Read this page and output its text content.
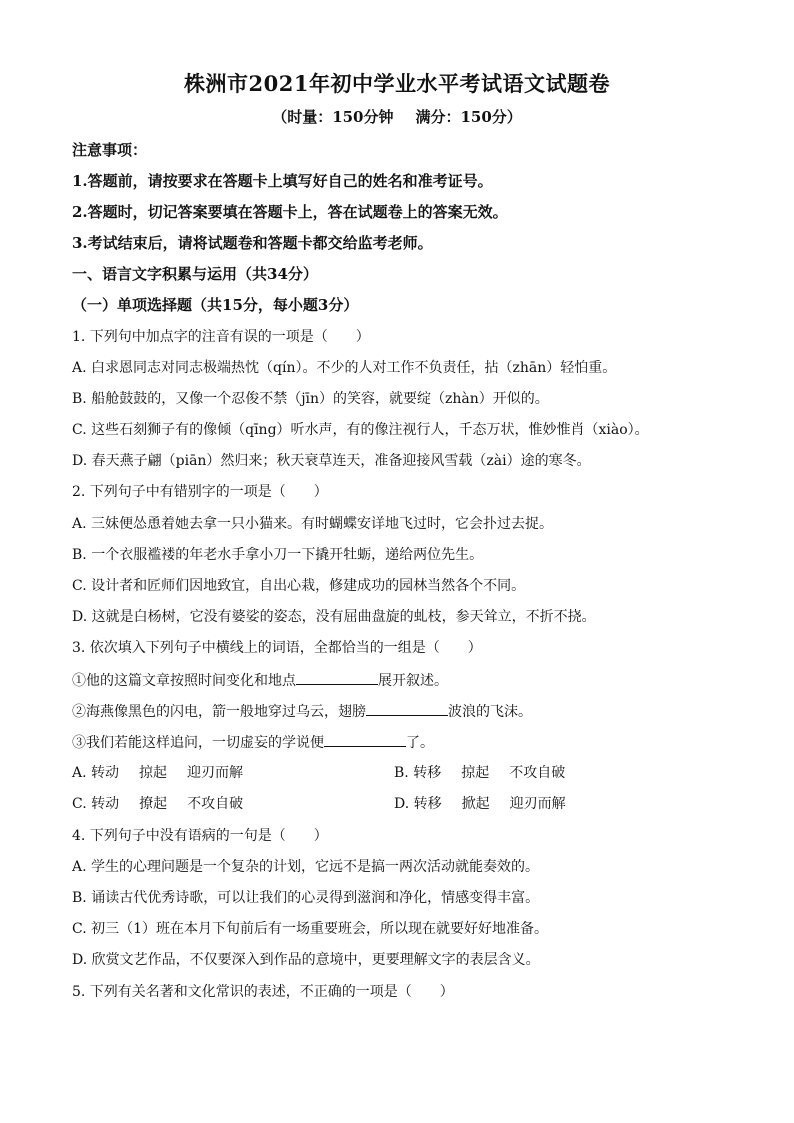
株洲市2021年初中学业水平考试语文试题卷
（时量：150分钟 满分：150分）
注意事项：
1.答题前，请按要求在答题卡上填写好自己的姓名和准考证号。
2.答题时，切记答案要填在答题卡上，答在试题卷上的答案无效。
3.考试结束后，请将试题卷和答题卡都交给监考老师。
一、语言文字积累与运用（共34分）
（一）单项选择题（共15分，每小题3分）
1. 下列句中加点字的注音有误的一项是（　　）
A. 白求恩同志对同志极端热忱（qín）。不少的人对工作不负责任，拈（zhān）轻怕重。
B. 船舱鼓鼓的，又像一个忍俊不禁（jīn）的笑容，就要绽（zhàn）开似的。
C. 这些石刻狮子有的像倾（qīng）听水声，有的像注视行人，千态万状，惟妙惟肖（xiào）。
D. 春天燕子翩（piān）然归来；秋天衰草连天，准备迎接风雪载（zài）途的寒冬。
2. 下列句子中有错别字的一项是（　　）
A. 三妹便怂恿着她去拿一只小猫来。有时蝴蝶安详地飞过时，它会扑过去捉。
B. 一个衣服褴褛的年老水手拿小刀一下撬开牡蛎，递给两位先生。
C. 设计者和匠师们因地致宜，自出心栽，修建成功的园林当然各个不同。
D. 这就是白杨树，它没有婆娑的姿态，没有屈曲盘旋的虬枝，参天耸立，不折不挠。
3. 依次填入下列句子中横线上的词语，全都恰当的一组是（　　）
①他的这篇文章按照时间变化和地点	展开叙述。
②海燕像黑色的闪电，箭一般地穿过乌云，翅膀	波浪的飞沫。
③我们若能这样追问，一切虚妄的学说便	了。
A. 转动 掠起 迎刃而解	B. 转移 掠起 不攻自破
C. 转动 撩起 不攻自破	D. 转移 掀起 迎刃而解
4. 下列句子中没有语病的一句是（　　）
A. 学生的心理问题是一个复杂的计划，它远不是搞一两次活动就能奏效的。
B. 诵读古代优秀诗歌，可以让我们的心灵得到滋润和净化，情感变得丰富。
C. 初三（1）班在本月下旬前后有一场重要班会，所以现在就要好好地准备。
D. 欣赏文艺作品，不仅要深入到作品的意境中，更要理解文字的表层含义。
5. 下列有关名著和文化常识的表述，不正确的一项是（　　）
